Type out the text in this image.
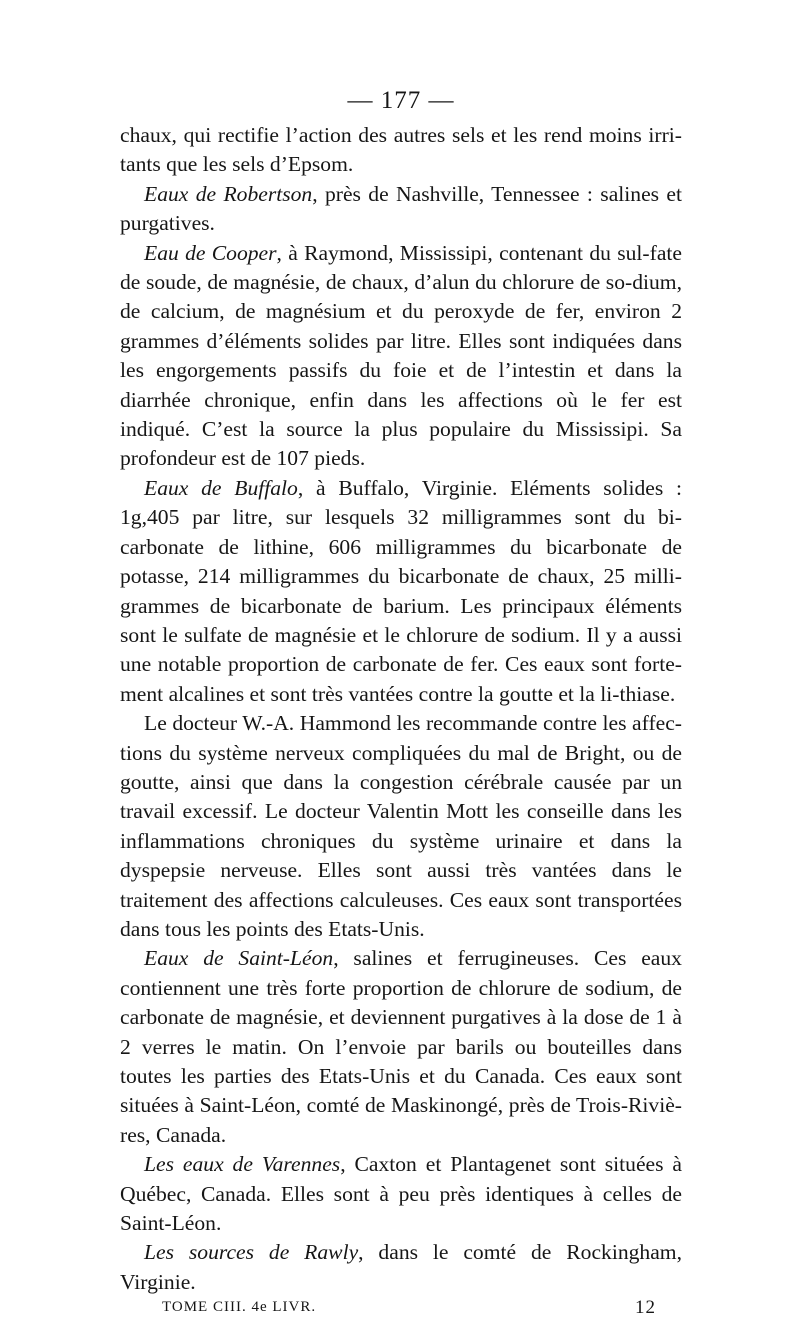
— 177 —

chaux, qui rectifie l’action des autres sels et les rend moins irri-tants que les sels d’Epsom.

Eaux de Robertson, près de Nashville, Tennessee : salines et purgatives.

Eau de Cooper, à Raymond, Mississipi, contenant du sul-fate de soude, de magnésie, de chaux, d’alun du chlorure de so-dium, de calcium, de magnésium et du peroxyde de fer, environ 2 grammes d’éléments solides par litre. Elles sont indiquées dans les engorgements passifs du foie et de l’intestin et dans la diarrhée chronique, enfin dans les affections où le fer est indiqué. C’est la source la plus populaire du Mississipi. Sa profondeur est de 107 pieds.

Eaux de Buffalo, à Buffalo, Virginie. Eléments solides : 1g,405 par litre, sur lesquels 32 milligrammes sont du bi-carbonate de lithine, 606 milligrammes du bicarbonate de potasse, 214 milligrammes du bicarbonate de chaux, 25 milli-grammes de bicarbonate de barium. Les principaux éléments sont le sulfate de magnésie et le chlorure de sodium. Il y a aussi une notable proportion de carbonate de fer. Ces eaux sont forte-ment alcalines et sont très vantées contre la goutte et la li-thiase.

Le docteur W.-A. Hammond les recommande contre les affec-tions du système nerveux compliquées du mal de Bright, ou de goutte, ainsi que dans la congestion cérébrale causée par un travail excessif. Le docteur Valentin Mott les conseille dans les inflammations chroniques du système urinaire et dans la dyspepsie nerveuse. Elles sont aussi très vantées dans le traitement des affections calculeuses. Ces eaux sont transportées dans tous les points des Etats-Unis.

Eaux de Saint-Léon, salines et ferrugineuses. Ces eaux contiennent une très forte proportion de chlorure de sodium, de carbonate de magnésie, et deviennent purgatives à la dose de 1 à 2 verres le matin. On l’envoie par barils ou bouteilles dans toutes les parties des Etats-Unis et du Canada. Ces eaux sont situées à Saint-Léon, comté de Maskinongé, près de Trois-Riviè-res, Canada.

Les eaux de Varennes, Caxton et Plantagenet sont situées à Québec, Canada. Elles sont à peu près identiques à celles de Saint-Léon.

Les sources de Rawly, dans le comté de Rockingham, Virginie.

TOME CIII. 4e LIVR.	12
